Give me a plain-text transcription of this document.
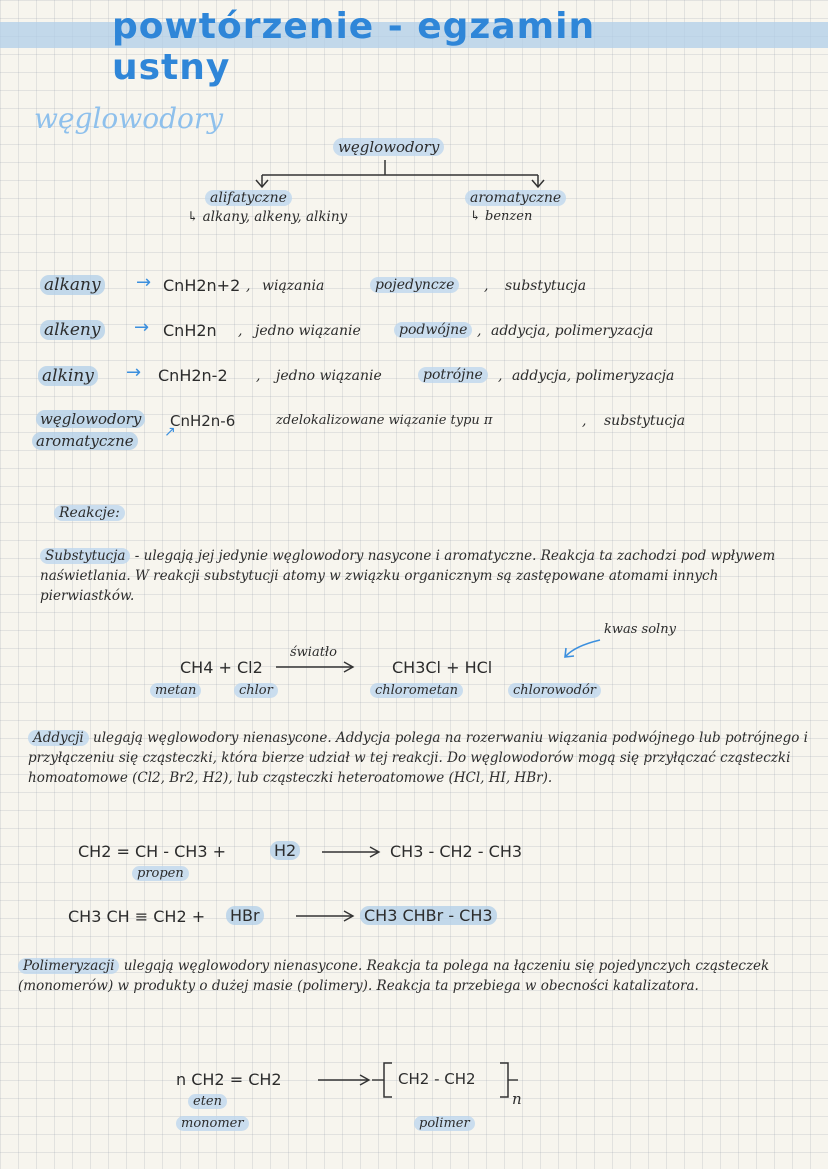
powtórzenie - egzamin ustny
węglowodory
węglowodory
alifatyczne
↳ alkany, alkeny, alkiny
aromatyczne
↳ benzen
alkany → CnH2n+2 , wiązania	pojedyncze	, substytucja
alkeny → CnH2n , jedno wiązanie	podwójne , addycja, polimeryzacja
alkiny → CnH2n-2 , jedno wiązanie	potrójne	, addycja, polimeryzacja
węglowodory
aromatyczne ↗
CnH2n-6	zdelokalizowane wiązanie typu π	, substytucja
Reakcje:
Substytucja - ulegają jej jedynie węglowodory nasycone i aromatyczne. Reakcja ta zachodzi pod wpływem naświetlania. W reakcji substytucji atomy w związku organicznym są zastępowane atomami innych pierwiastków.
kwas solny
CH4 + Cl2
światło
CH3Cl + HCl
metan	chlor	chlorometan	chlorowodór
Addycji ulegają węglowodory nienasycone. Addycja polega na rozerwaniu wiązania podwójnego lub potrójnego i przyłączeniu się cząsteczki, która bierze udział w tej reakcji. Do węglowodorów mogą się przyłączać cząsteczki homoatomowe (Cl2, Br2, H2), lub cząsteczki heteroatomowe (HCl, HI, HBr).
CH2 = CH - CH3 +	H2	CH3 - CH2 - CH3
propen
CH3 CH ≡ CH2 + HBr	CH3 CHBr - CH3
Polimeryzacji ulegają węglowodory nienasycone. Reakcja ta polega na łączeniu się pojedynczych cząsteczek (monomerów) w produkty o dużej masie (polimery). Reakcja ta przebiega w obecności katalizatora.
n CH2 = CH2	CH2 - CH2
n
eten
monomer	polimer
